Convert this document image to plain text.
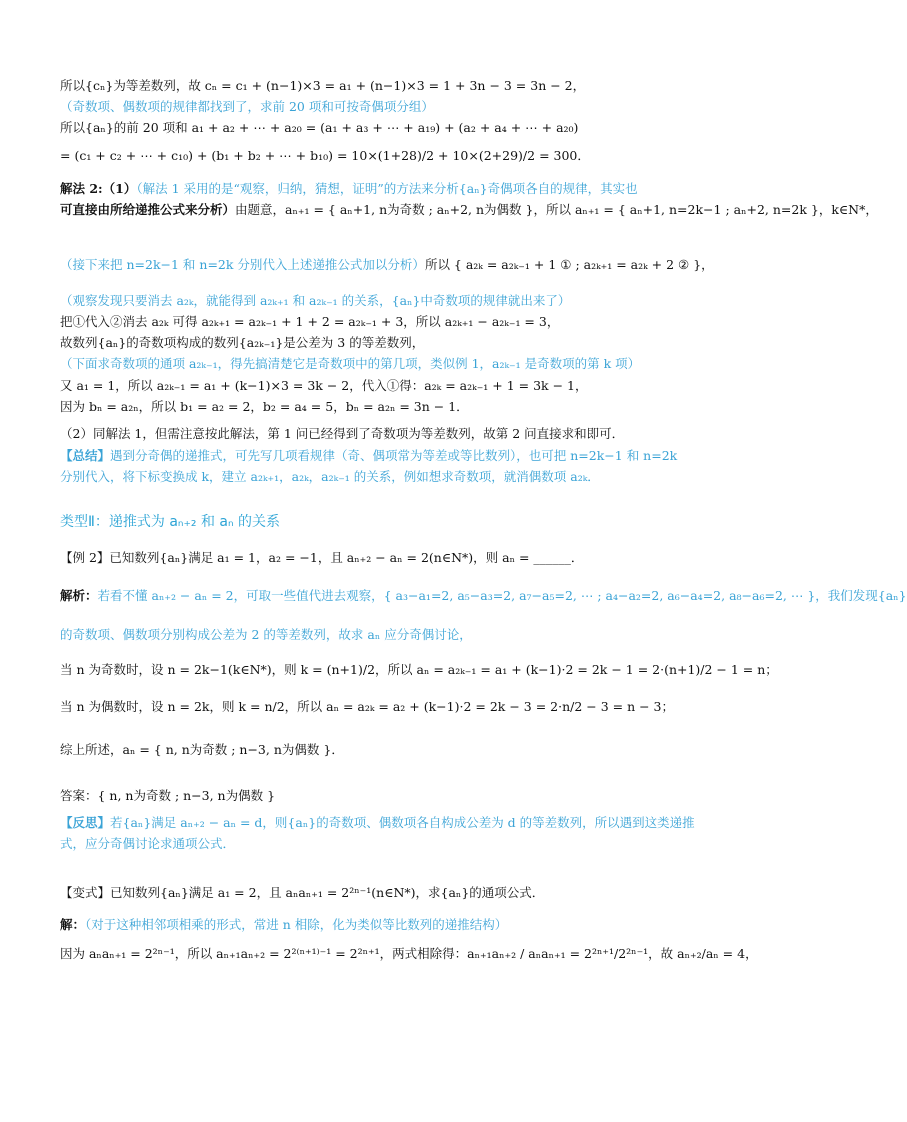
类型Ⅱ：递推式为 aₙ₊₂ 和 aₙ 的关系
所以{cₙ}为等差数列，故 cₙ = c₁ + (n−1)×3 = a₁ + (n−1)×3 = 1 + 3n − 3 = 3n − 2，
（奇数项、偶数项的规律都找到了，求前 20 项和可按奇偶项分组）
所以{aₙ}的前 20 项和 a₁ + a₂ + ⋯ + a₂₀ = (a₁ + a₃ + ⋯ + a₁₉) + (a₂ + a₄ + ⋯ + a₂₀)
= (c₁ + c₂ + ⋯ + c₁₀) + (b₁ + b₂ + ⋯ + b₁₀) = 10×(1+28)/2 + 10×(2+29)/2 = 300．
解法 2:（1）（解法 1 采用的是“观察，归纳，猜想，证明”的方法来分析{aₙ}奇偶项各自的规律，其实也
可直接由所给递推公式来分析）由题意，aₙ₊₁ = { aₙ+1, n为奇数 ; aₙ+2, n为偶数 }，所以 aₙ₊₁ = { aₙ+1, n=2k−1 ; aₙ+2, n=2k }，k∈N*，
（接下来把 n=2k−1 和 n=2k 分别代入上述递推公式加以分析）所以 { a₂ₖ = a₂ₖ₋₁ + 1 ① ; a₂ₖ₊₁ = a₂ₖ + 2 ② }，
（观察发现只要消去 a₂ₖ，就能得到 a₂ₖ₊₁ 和 a₂ₖ₋₁ 的关系，{aₙ}中奇数项的规律就出来了）
把①代入②消去 a₂ₖ 可得 a₂ₖ₊₁ = a₂ₖ₋₁ + 1 + 2 = a₂ₖ₋₁ + 3，所以 a₂ₖ₊₁ − a₂ₖ₋₁ = 3，
故数列{aₙ}的奇数项构成的数列{a₂ₖ₋₁}是公差为 3 的等差数列，
（下面求奇数项的通项 a₂ₖ₋₁，得先搞清楚它是奇数项中的第几项，类似例 1，a₂ₖ₋₁ 是奇数项的第 k 项）
又 a₁ = 1，所以 a₂ₖ₋₁ = a₁ + (k−1)×3 = 3k − 2，代入①得：a₂ₖ = a₂ₖ₋₁ + 1 = 3k − 1，
因为 bₙ = a₂ₙ，所以 b₁ = a₂ = 2，b₂ = a₄ = 5，bₙ = a₂ₙ = 3n − 1．
（2）同解法 1，但需注意按此解法，第 1 问已经得到了奇数项为等差数列，故第 2 问直接求和即可．
【总结】遇到分奇偶的递推式，可先写几项看规律（奇、偶项常为等差或等比数列），也可把 n=2k−1 和 n=2k
分别代入，将下标变换成 k，建立 a₂ₖ₊₁，a₂ₖ，a₂ₖ₋₁ 的关系，例如想求奇数项，就消偶数项 a₂ₖ．
【例 2】已知数列{aₙ}满足 a₁ = 1，a₂ = −1，且 aₙ₊₂ − aₙ = 2(n∈N*)，则 aₙ = ______．
解析：若看不懂 aₙ₊₂ − aₙ = 2，可取一些值代进去观察，{ a₃−a₁=2, a₅−a₃=2, a₇−a₅=2, ⋯ ; a₄−a₂=2, a₆−a₄=2, a₈−a₆=2, ⋯ }，我们发现{aₙ}
的奇数项、偶数项分别构成公差为 2 的等差数列，故求 aₙ 应分奇偶讨论，
当 n 为奇数时，设 n = 2k−1(k∈N*)，则 k = (n+1)/2，所以 aₙ = a₂ₖ₋₁ = a₁ + (k−1)·2 = 2k − 1 = 2·(n+1)/2 − 1 = n；
当 n 为偶数时，设 n = 2k，则 k = n/2，所以 aₙ = a₂ₖ = a₂ + (k−1)·2 = 2k − 3 = 2·n/2 − 3 = n − 3；
综上所述，aₙ = { n, n为奇数 ; n−3, n为偶数 }．
答案：{ n, n为奇数 ; n−3, n为偶数 }
【反思】若{aₙ}满足 aₙ₊₂ − aₙ = d，则{aₙ}的奇数项、偶数项各自构成公差为 d 的等差数列，所以遇到这类递推
式，应分奇偶讨论求通项公式．
【变式】已知数列{aₙ}满足 a₁ = 2，且 aₙaₙ₊₁ = 2²ⁿ⁻¹(n∈N*)，求{aₙ}的通项公式．
解：（对于这种相邻项相乘的形式，常进 n 相除，化为类似等比数列的递推结构）
因为 aₙaₙ₊₁ = 2²ⁿ⁻¹，所以 aₙ₊₁aₙ₊₂ = 2²⁽ⁿ⁺¹⁾⁻¹ = 2²ⁿ⁺¹，两式相除得：aₙ₊₁aₙ₊₂ / aₙaₙ₊₁ = 2²ⁿ⁺¹/2²ⁿ⁻¹，故 aₙ₊₂/aₙ = 4，
